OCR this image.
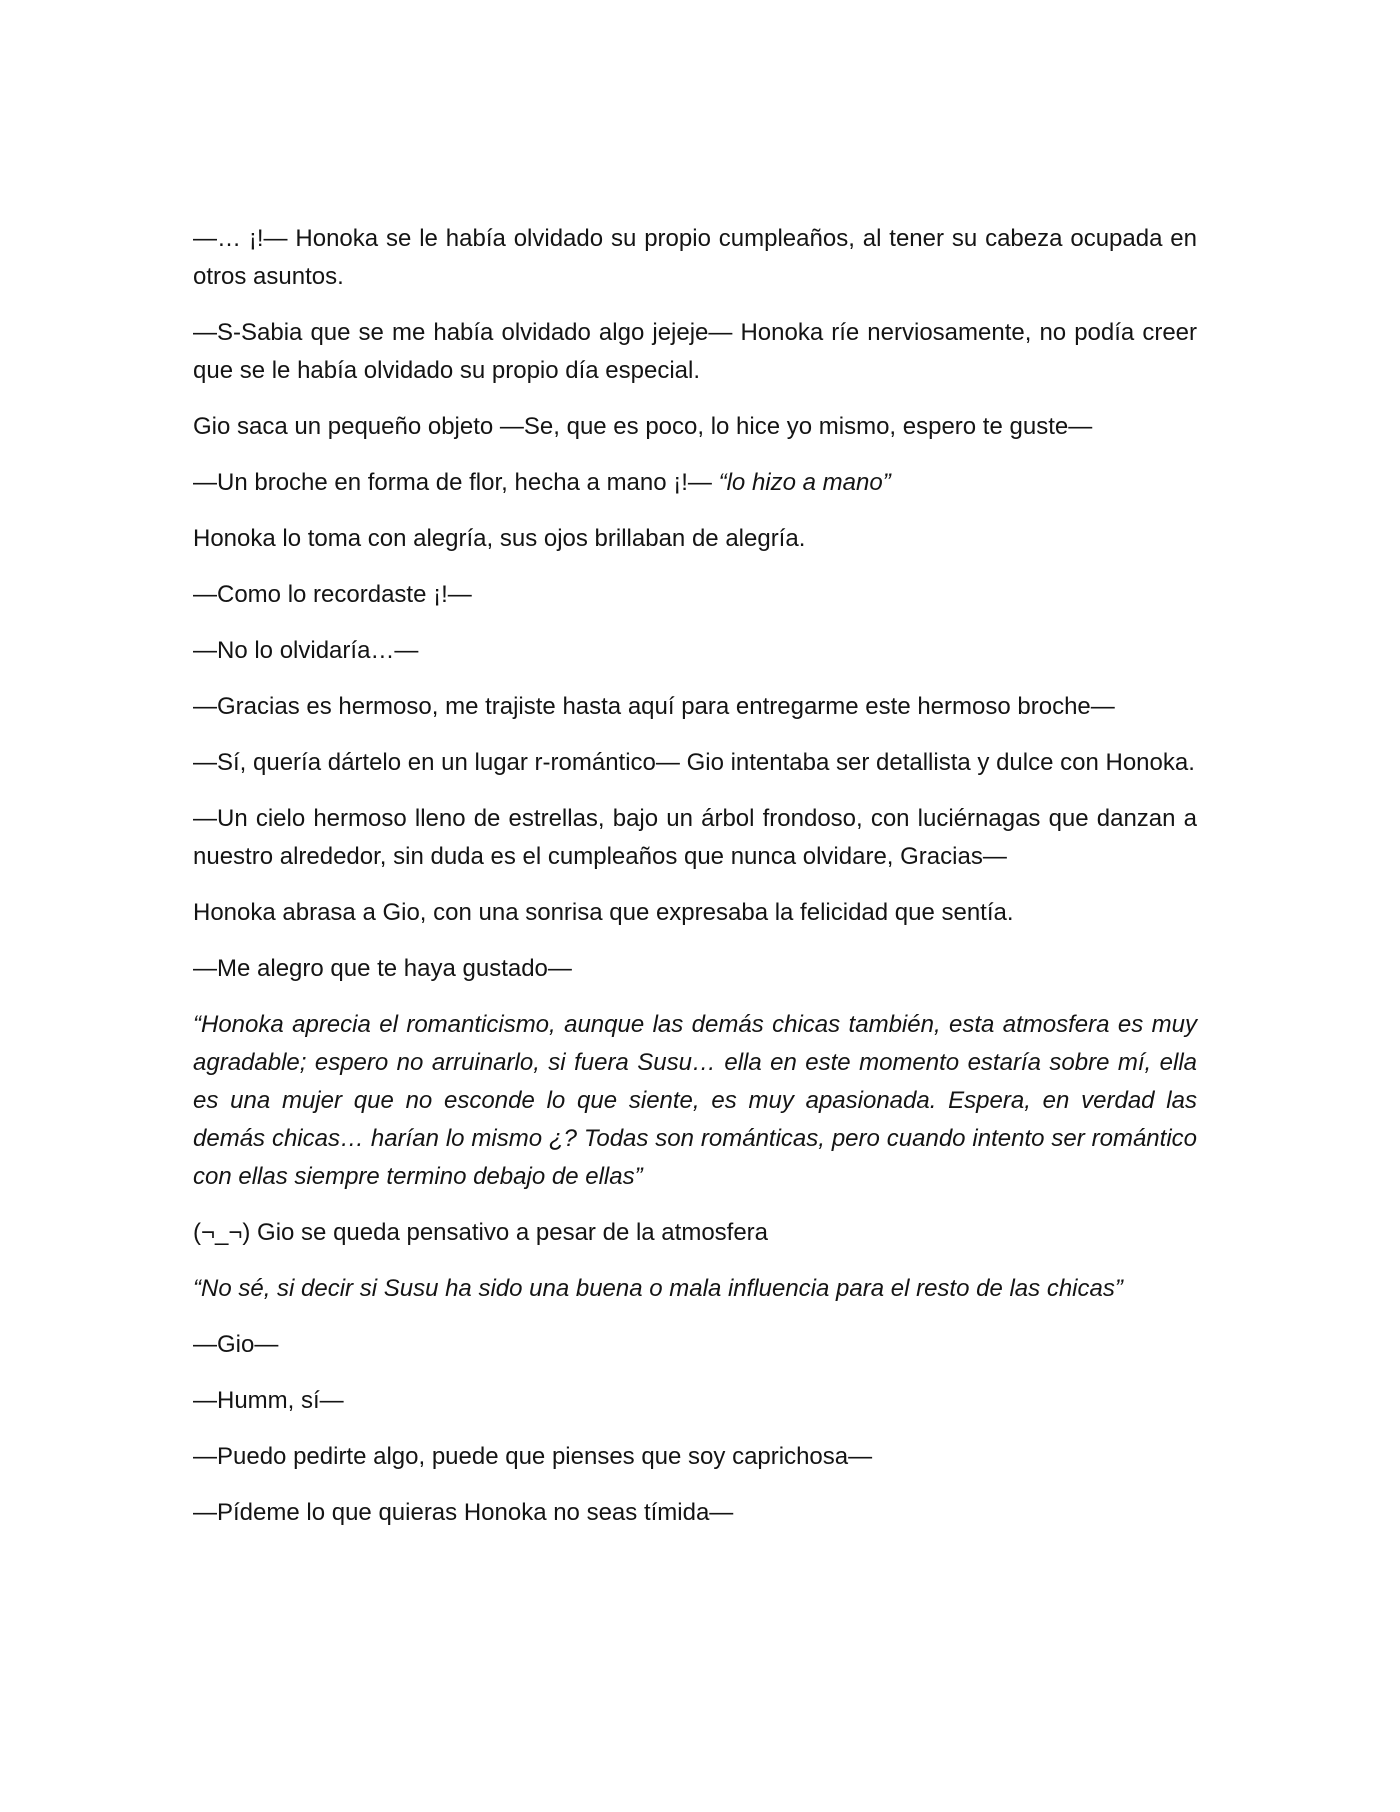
—… ¡!— Honoka se le había olvidado su propio cumpleaños, al tener su cabeza ocupada en otros asuntos.

—S-Sabia que se me había olvidado algo jejeje— Honoka ríe nerviosamente, no podía creer que se le había olvidado su propio día especial.

Gio saca un pequeño objeto —Se, que es poco, lo hice yo mismo, espero te guste—

—Un broche en forma de flor, hecha a mano ¡!— “lo hizo a mano”

Honoka lo toma con alegría, sus ojos brillaban de alegría.

—Como lo recordaste ¡!—

—No lo olvidaría…—

—Gracias es hermoso, me trajiste hasta aquí para entregarme este hermoso broche—

—Sí, quería dártelo en un lugar r-romántico— Gio intentaba ser detallista y dulce con Honoka.

—Un cielo hermoso lleno de estrellas, bajo un árbol frondoso, con luciérnagas que danzan a nuestro alrededor, sin duda es el cumpleaños que nunca olvidare, Gracias—

Honoka abrasa a Gio, con una sonrisa que expresaba la felicidad que sentía.

—Me alegro que te haya gustado—

“Honoka aprecia el romanticismo, aunque las demás chicas también, esta atmosfera es muy agradable; espero no arruinarlo, si fuera Susu… ella en este momento estaría sobre mí, ella es una mujer que no esconde lo que siente, es muy apasionada. Espera, en verdad las demás chicas… harían lo mismo ¿? Todas son románticas, pero cuando intento ser romántico con ellas siempre termino debajo de ellas”

(¬_¬) Gio se queda pensativo a pesar de la atmosfera

“No sé, si decir si Susu ha sido una buena o mala influencia para el resto de las chicas”

—Gio—

—Humm, sí—

—Puedo pedirte algo, puede que pienses que soy caprichosa—

—Pídeme lo que quieras Honoka no seas tímida—
